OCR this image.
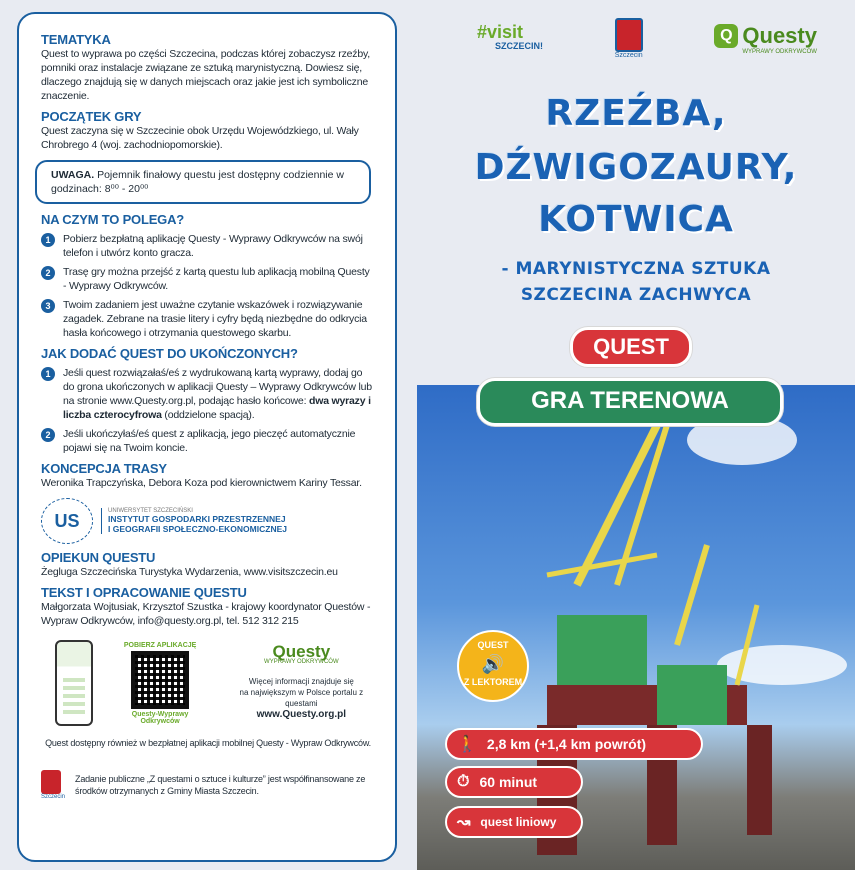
TEMATYKA
Quest to wyprawa po części Szczecina, podczas której zobaczysz rzeźby, pomniki oraz instalacje związane ze sztuką marynistyczną. Dowiesz się, dlaczego znajdują się w danych miejscach oraz jakie jest ich symboliczne znaczenie.
POCZĄTEK GRY
Quest zaczyna się w Szczecinie obok Urzędu Wojewódzkiego, ul. Wały Chrobrego 4 (woj. zachodniopomorskie).
UWAGA. Pojemnik finałowy questu jest dostępny codziennie w godzinach: 8⁰⁰ - 20⁰⁰
NA CZYM TO POLEGA?
1	Pobierz bezpłatną aplikację Questy - Wyprawy Odkrywców na swój telefon i utwórz konto gracza.
2	Trasę gry można przejść z kartą questu lub aplikacją mobilną Questy - Wyprawy Odkrywców.
3	Twoim zadaniem jest uważne czytanie wskazówek i rozwiązywanie zagadek. Zebrane na trasie litery i cyfry będą niezbędne do odkrycia hasła końcowego i otrzymania questowego skarbu.
JAK DODAĆ QUEST DO UKOŃCZONYCH?
1	Jeśli quest rozwiązałaś/eś z wydrukowaną kartą wyprawy, dodaj go do grona ukończonych w aplikacji Questy – Wyprawy Odkrywców lub na stronie www.Questy.org.pl, podając hasło końcowe: dwa wyrazy i liczba czterocyfrowa (oddzielone spacją).
2	Jeśli ukończyłaś/eś quest z aplikacją, jego pieczęć automatycznie pojawi się na Twoim koncie.
KONCEPCJA TRASY
Weronika Trapczyńska, Debora Koza pod kierownictwem Kariny Tessar.
US	UNIWERSYTET SZCZECIŃSKI
INSTYTUT GOSPODARKI PRZESTRZENNEJ
I GEOGRAFII SPOŁECZNO-EKONOMICZNEJ
OPIEKUN QUESTU
Żegluga Szczecińska Turystyka Wydarzenia, www.visitszczecin.eu
TEKST I OPRACOWANIE QUESTU
Małgorzata Wojtusiak, Krzysztof Szustka - krajowy koordynator Questów - Wypraw Odkrywców, info@questy.org.pl, tel. 512 312 215
POBIERZ APLIKACJĘ
Questy-Wyprawy Odkrywców
Questy
WYPRAWY ODKRYWCÓW
Więcej informacji znajduje się
na największym w Polsce portalu z questami
www.Questy.org.pl
Quest dostępny również w bezpłatnej aplikacji mobilnej Questy - Wypraw Odkrywców.
Szczecin
Zadanie publiczne „Z questami o sztuce i kulturze” jest współfinansowane ze środków otrzymanych z Gminy Miasta Szczecin.
#visit
SZCZECIN!
Szczecin
Q Questy
WYPRAWY ODKRYWCÓW
RZEŹBA,
DŹWIGOZAURY,
KOTWICA
- MARYNISTYCZNA SZTUKA
SZCZECINA ZACHWYCA
QUEST
GRA TERENOWA
QUEST
🔊
Z LEKTOREM
🚶 2,8 km (+1,4 km powrót)
⏱ 60 minut
↝ quest liniowy
